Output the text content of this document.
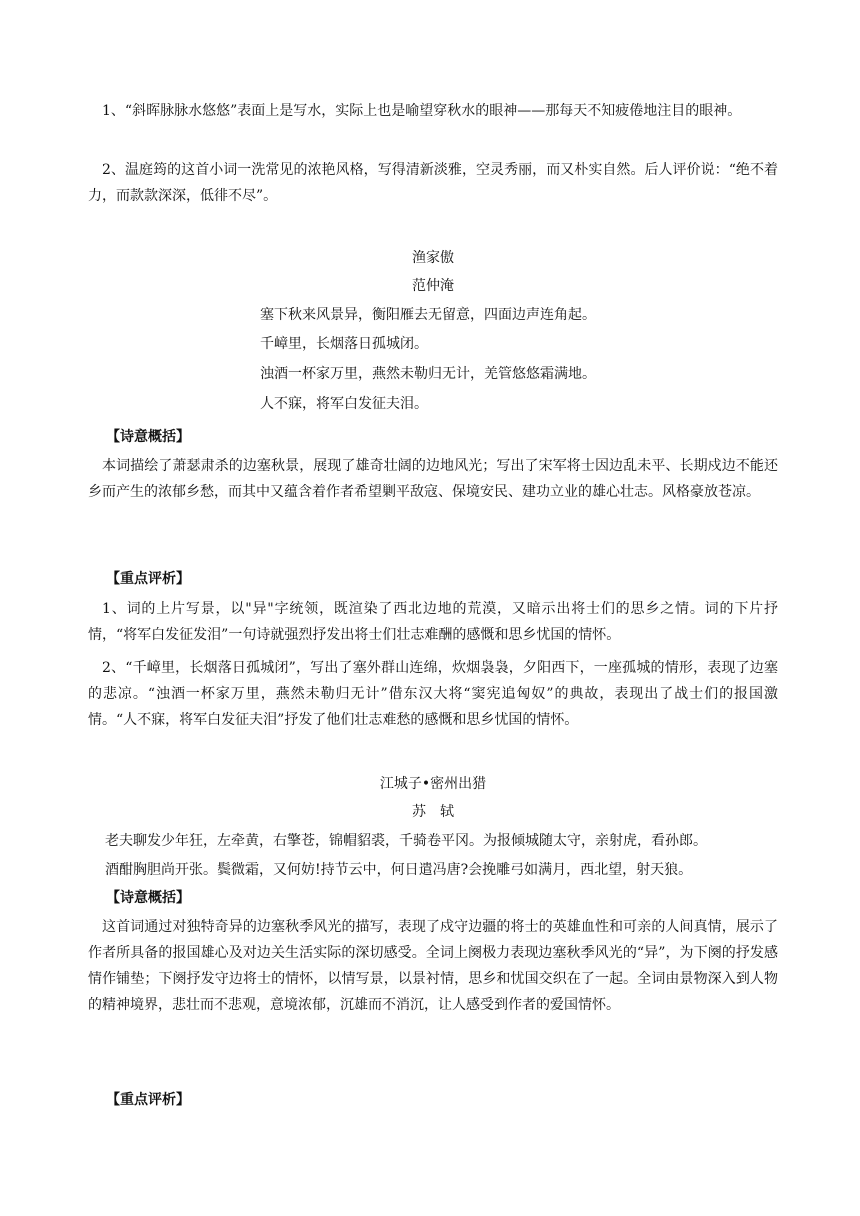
1、“斜晖脉脉水悠悠”表面上是写水，实际上也是喻望穿秋水的眼神——那每天不知疲倦地注目的眼神。
2、温庭筠的这首小词一洗常见的浓艳风格，写得清新淡雅，空灵秀丽，而又朴实自然。后人评价说：“绝不着力，而款款深深，低徘不尽”。
渔家傲
范仲淹
塞下秋来风景异，衡阳雁去无留意，四面边声连角起。
千嶂里，长烟落日孤城闭。
浊酒一杯家万里，燕然未勒归无计，羌管悠悠霜满地。
人不寐，将军白发征夫泪。
【诗意概括】
本词描绘了萧瑟肃杀的边塞秋景，展现了雄奇壮阔的边地风光；写出了宋军将士因边乱未平、长期戍边不能还乡而产生的浓郁乡愁，而其中又蕴含着作者希望剿平敌寇、保境安民、建功立业的雄心壮志。风格豪放苍凉。
【重点评析】
1、词的上片写景，以"异"字统领，既渲染了西北边地的荒漠，又暗示出将士们的思乡之情。词的下片抒情，“将军白发征发泪”一句诗就强烈抒发出将士们壮志难酬的感慨和思乡忧国的情怀。
2、“千嶂里，长烟落日孤城闭”，写出了塞外群山连绵，炊烟袅袅，夕阳西下，一座孤城的情形，表现了边塞的悲凉。“浊酒一杯家万里，燕然未勒归无计”借东汉大将“窦宪追匈奴”的典故，表现出了战士们的报国激情。“人不寐，将军白发征夫泪”抒发了他们壮志难愁的感慨和思乡忧国的情怀。
江城子•密州出猎
苏　轼
老夫聊发少年狂，左牵黄，右擎苍，锦帽貂裘，千骑卷平冈。为报倾城随太守，亲射虎，看孙郎。
酒酣胸胆尚开张。鬓微霜，又何妨!持节云中，何日遣冯唐?会挽雕弓如满月，西北望，射天狼。
【诗意概括】
这首词通过对独特奇异的边塞秋季风光的描写，表现了戍守边疆的将士的英雄血性和可亲的人间真情，展示了作者所具备的报国雄心及对边关生活实际的深切感受。全词上阕极力表现边塞秋季风光的“异”，为下阕的抒发感情作铺垫；下阕抒发守边将士的情怀，以情写景，以景衬情，思乡和忧国交织在了一起。全词由景物深入到人物的精神境界，悲壮而不悲观，意境浓郁，沉雄而不消沉，让人感受到作者的爱国情怀。
【重点评析】
